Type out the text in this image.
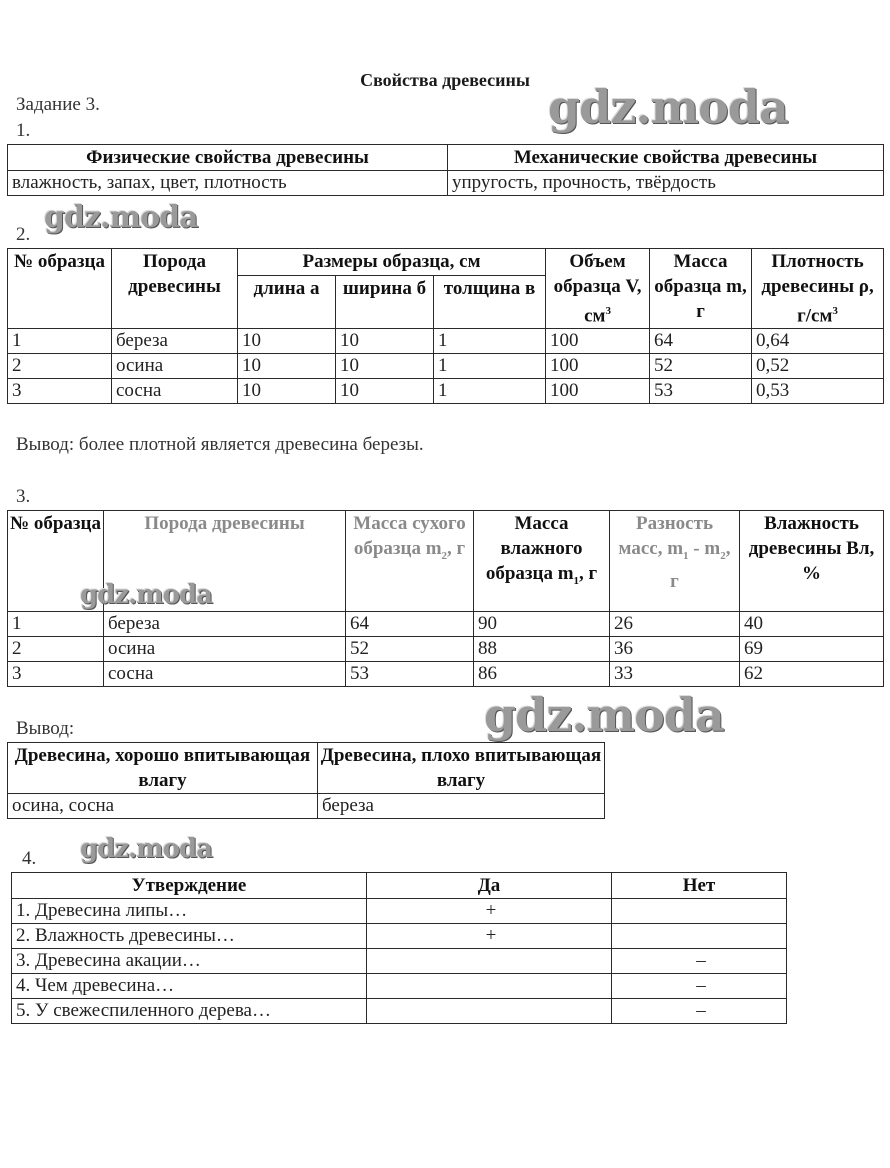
Свойства древесины
Задание 3.	gdz.moda
1.
Физические свойства древесины	Механические свойства древесины
влажность, запах, цвет, плотность	упругость, прочность, твёрдость
2. gdz.moda
№ образца	Порода древесины	Размеры образца, см			Объем образца V, $см^3$	Масса образца m, г	Плотность древесины ρ, $г/см^3$
		длина а	ширина б	толщина в			
1	береза	10	10	1	100	64	0,64
2	осина	10	10	1	100	52	0,52
3	сосна	10	10	1	100	53	0,53
Вывод: более плотной является древесина березы.
3.
№ образца	Порода древесины	Масса сухого образца $m_2$, г	Масса влажного образца $m_1$, г	Разность масс, $m_1 - m_2$, г	Влажность древесины Вл, %
1	береза	64	90	26	40
2	осина	52	88	36	69
3	сосна	53	86	33	62
gdz.moda
Вывод:	gdz.moda
Древесина, хорошо впитывающая влагу	Древесина, плохо впитывающая влагу
осина, сосна	береза
4. gdz.moda
Утверждение	Да	Нет
1. Древесина липы…	+	
2. Влажность древесины…	+	
3. Древесина акации…		–
4. Чем древесина…		–
5. У свежеспиленного дерева…		–
